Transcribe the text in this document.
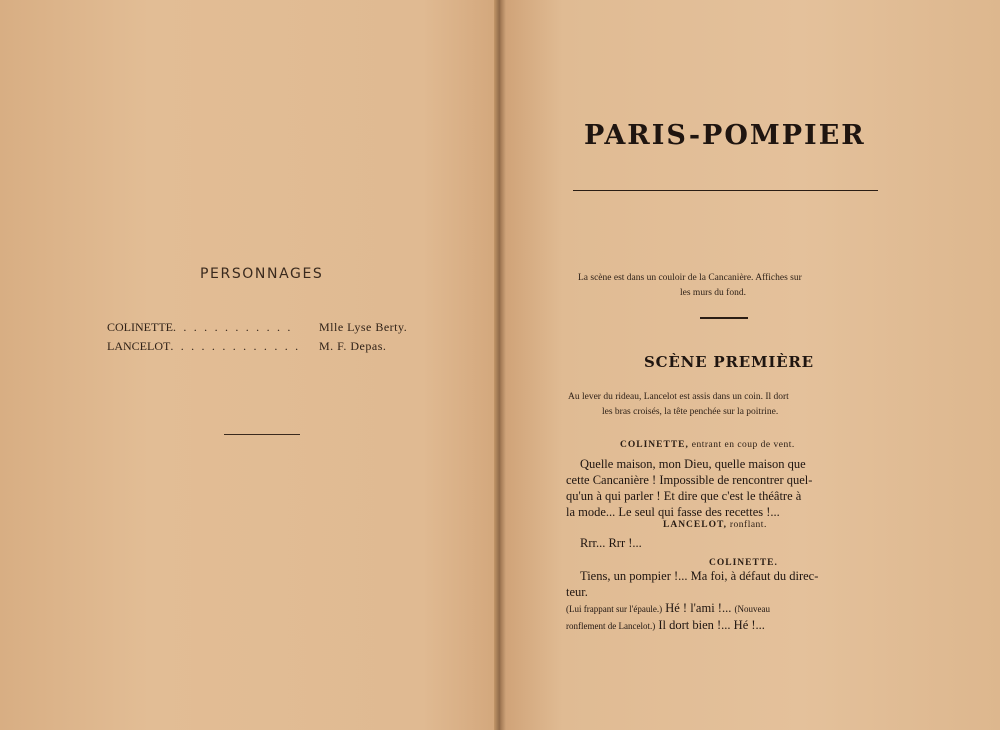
PERSONNAGES
COLINETTE. . . . . . . . . . . . Mlle Lyse Berty.
LANCELOT. . . . . . . . . . . . . M. F. Depas.
PARIS-POMPIER
La scène est dans un couloir de la Cancanière. Affiches sur
les murs du fond.
SCÈNE PREMIÈRE
Au lever du rideau, Lancelot est assis dans un coin. Il dort
les bras croisés, la tête penchée sur la poitrine.
COLINETTE, entrant en coup de vent.
Quelle maison, mon Dieu, quelle maison que
cette Cancanière ! Impossible de rencontrer quel-
qu'un à qui parler ! Et dire que c'est le théâtre à
la mode... Le seul qui fasse des recettes !...
LANCELOT, ronflant.
Rrr... Rrr !...
COLINETTE.
Tiens, un pompier !... Ma foi, à défaut du direc-
teur.
(Lui frappant sur l'épaule.) Hé ! l'ami !... (Nouveau
ronflement de Lancelot.) Il dort bien !... Hé !...
